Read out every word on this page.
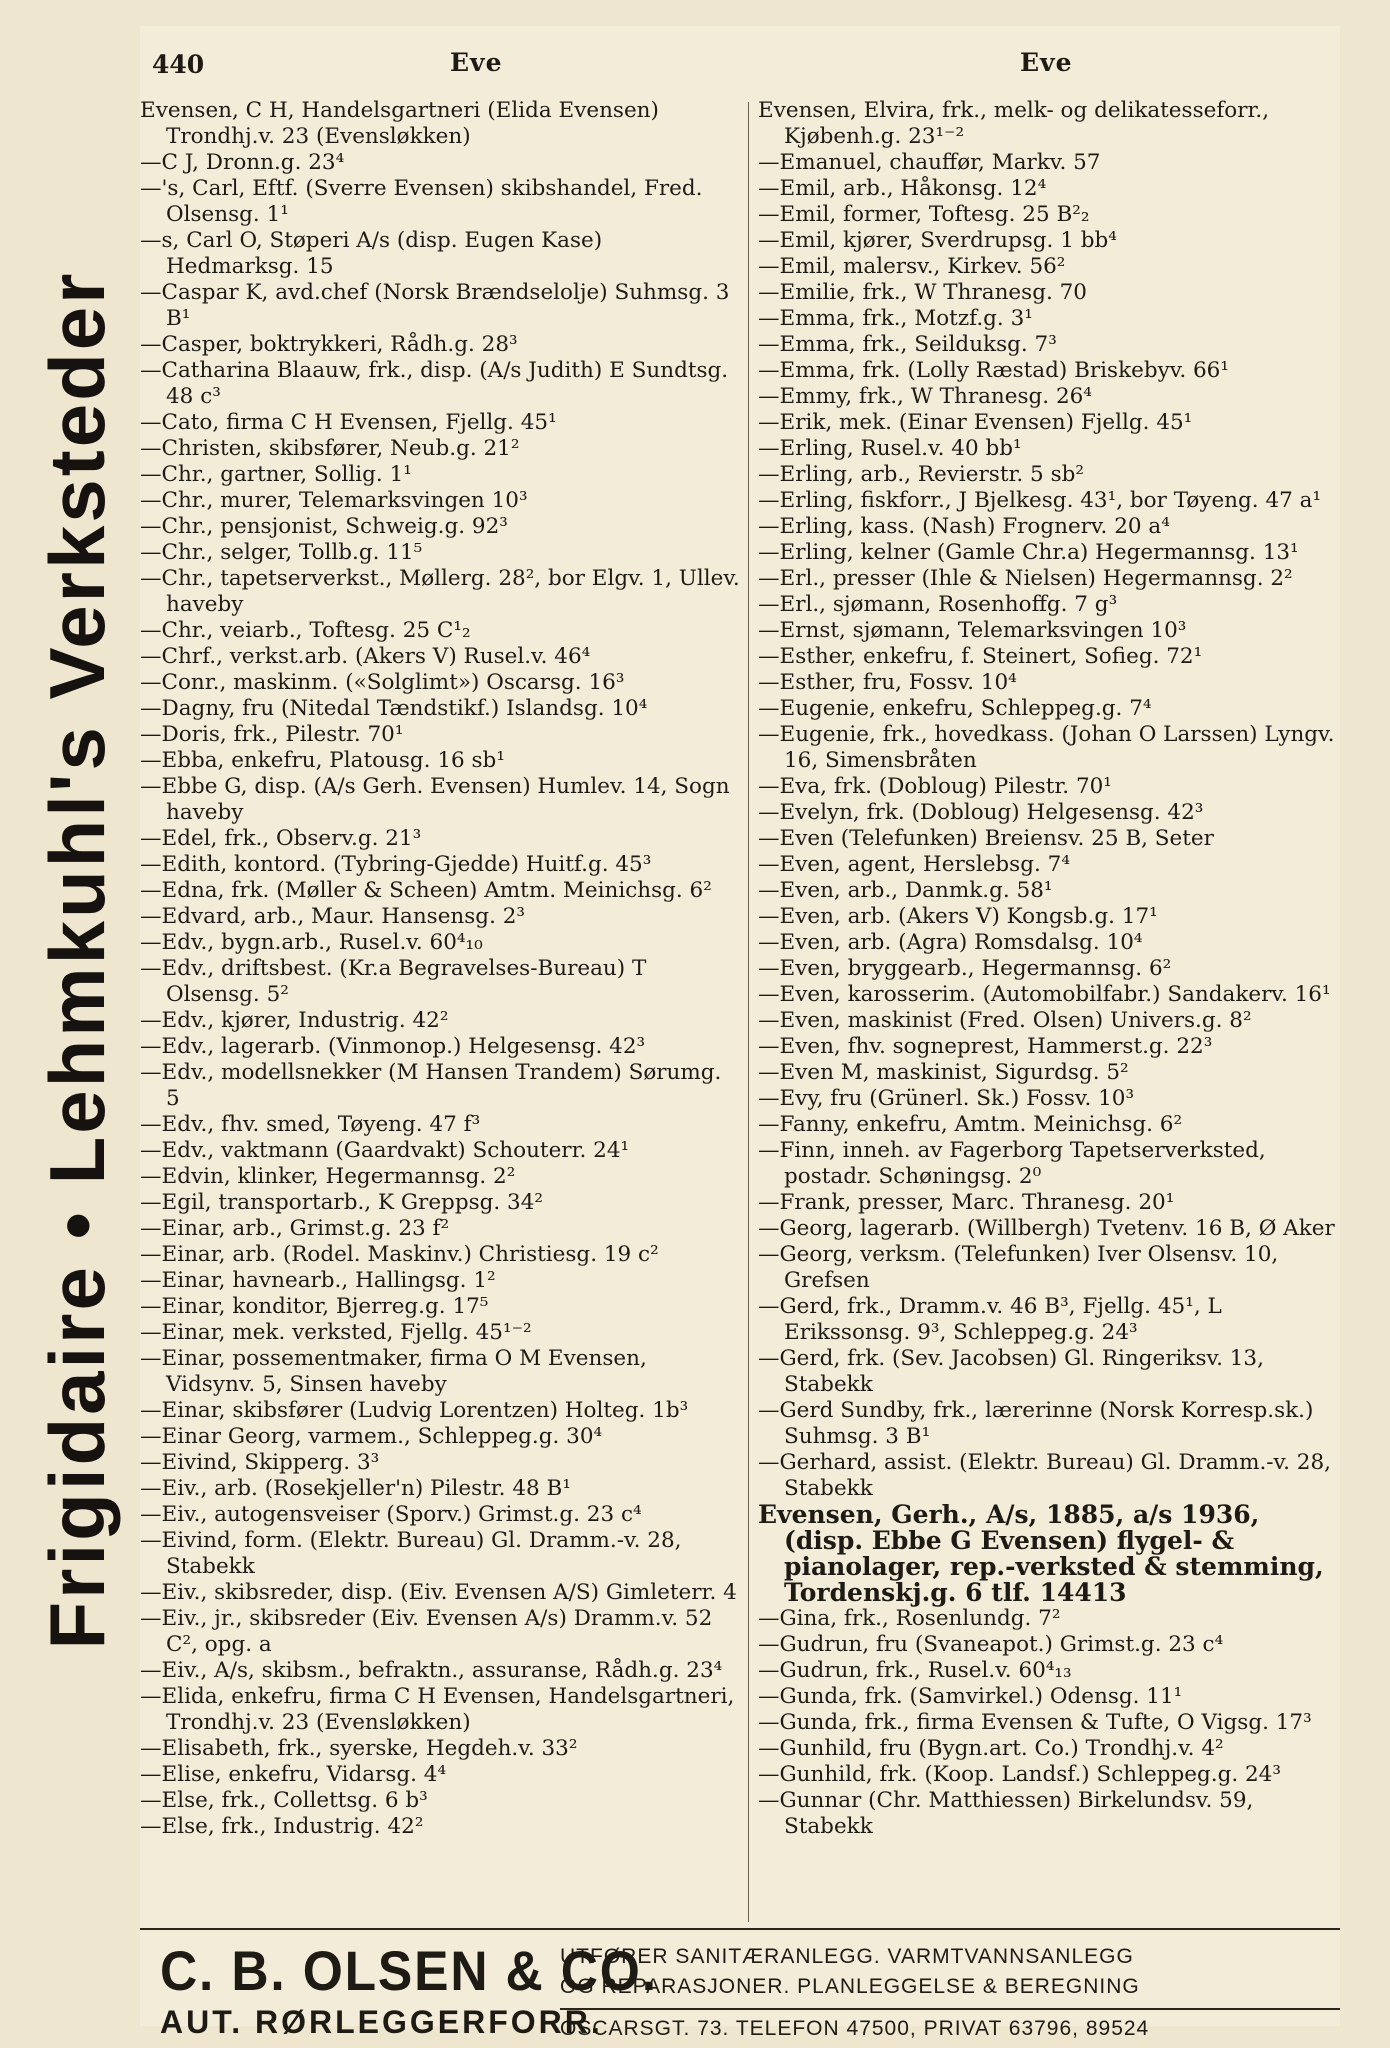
Frigidaire • Lehmkuhl's Verksteder
440	Eve	Eve
Evensen, C H, Handelsgartneri (Elida Evensen) Trondhj.v. 23 (Evensløkken)
—C J, Dronn.g. 23⁴
—'s, Carl, Eftf. (Sverre Evensen) skibshandel, Fred. Olsensg. 1¹
—s, Carl O, Støperi A/s (disp. Eugen Kase) Hedmarksg. 15
—Caspar K, avd.chef (Norsk Brændselolje) Suhmsg. 3 B¹
—Casper, boktrykkeri, Rådh.g. 28³
—Catharina Blaauw, frk., disp. (A/s Judith) E Sundtsg. 48 c³
—Cato, firma C H Evensen, Fjellg. 45¹
—Christen, skibsfører, Neub.g. 21²
—Chr., gartner, Sollig. 1¹
—Chr., murer, Telemarksvingen 10³
—Chr., pensjonist, Schweig.g. 92³
—Chr., selger, Tollb.g. 11⁵
—Chr., tapetserverkst., Møllerg. 28², bor Elgv. 1, Ullev. haveby
—Chr., veiarb., Toftesg. 25 C¹₂
—Chrf., verkst.arb. (Akers V) Rusel.v. 46⁴
—Conr., maskinm. («Solglimt») Oscarsg. 16³
—Dagny, fru (Nitedal Tændstikf.) Islandsg. 10⁴
—Doris, frk., Pilestr. 70¹
—Ebba, enkefru, Platousg. 16 sb¹
—Ebbe G, disp. (A/s Gerh. Evensen) Humlev. 14, Sogn haveby
—Edel, frk., Observ.g. 21³
—Edith, kontord. (Tybring-Gjedde) Huitf.g. 45³
—Edna, frk. (Møller & Scheen) Amtm. Meinichsg. 6²
—Edvard, arb., Maur. Hansensg. 2³
—Edv., bygn.arb., Rusel.v. 60⁴₁₀
—Edv., driftsbest. (Kr.a Begravelses-Bureau) T Olsensg. 5²
—Edv., kjører, Industrig. 42²
—Edv., lagerarb. (Vinmonop.) Helgesensg. 42³
—Edv., modellsnekker (M Hansen Trandem) Sørumg. 5
—Edv., fhv. smed, Tøyeng. 47 f³
—Edv., vaktmann (Gaardvakt) Schouterr. 24¹
—Edvin, klinker, Hegermannsg. 2²
—Egil, transportarb., K Greppsg. 34²
—Einar, arb., Grimst.g. 23 f²
—Einar, arb. (Rodel. Maskinv.) Christiesg. 19 c²
—Einar, havnearb., Hallingsg. 1²
—Einar, konditor, Bjerreg.g. 17⁵
—Einar, mek. verksted, Fjellg. 45¹⁻²
—Einar, possementmaker, firma O M Evensen, Vidsynv. 5, Sinsen haveby
—Einar, skibsfører (Ludvig Lorentzen) Holteg. 1b³
—Einar Georg, varmem., Schleppeg.g. 30⁴
—Eivind, Skipperg. 3³
—Eiv., arb. (Rosekjeller'n) Pilestr. 48 B¹
—Eiv., autogensveiser (Sporv.) Grimst.g. 23 c⁴
—Eivind, form. (Elektr. Bureau) Gl. Dramm.-v. 28, Stabekk
—Eiv., skibsreder, disp. (Eiv. Evensen A/S) Gimleterr. 4
—Eiv., jr., skibsreder (Eiv. Evensen A/s) Dramm.v. 52 C², opg. a
—Eiv., A/s, skibsm., befraktn., assuranse, Rådh.g. 23⁴
—Elida, enkefru, firma C H Evensen, Handelsgartneri, Trondhj.v. 23 (Evensløkken)
—Elisabeth, frk., syerske, Hegdeh.v. 33²
—Elise, enkefru, Vidarsg. 4⁴
—Else, frk., Collettsg. 6 b³
—Else, frk., Industrig. 42²
Evensen, Elvira, frk., melk- og delikatesseforr., Kjøbenh.g. 23¹⁻²
—Emanuel, chauffør, Markv. 57
—Emil, arb., Håkonsg. 12⁴
—Emil, former, Toftesg. 25 B²₂
—Emil, kjører, Sverdrupsg. 1 bb⁴
—Emil, malersv., Kirkev. 56²
—Emilie, frk., W Thranesg. 70
—Emma, frk., Motzf.g. 3¹
—Emma, frk., Seilduksg. 7³
—Emma, frk. (Lolly Ræstad) Briskebyv. 66¹
—Emmy, frk., W Thranesg. 26⁴
—Erik, mek. (Einar Evensen) Fjellg. 45¹
—Erling, Rusel.v. 40 bb¹
—Erling, arb., Revierstr. 5 sb²
—Erling, fiskforr., J Bjelkesg. 43¹, bor Tøyeng. 47 a¹
—Erling, kass. (Nash) Frognerv. 20 a⁴
—Erling, kelner (Gamle Chr.a) Hegermannsg. 13¹
—Erl., presser (Ihle & Nielsen) Hegermannsg. 2²
—Erl., sjømann, Rosenhoffg. 7 g³
—Ernst, sjømann, Telemarksvingen 10³
—Esther, enkefru, f. Steinert, Sofieg. 72¹
—Esther, fru, Fossv. 10⁴
—Eugenie, enkefru, Schleppeg.g. 7⁴
—Eugenie, frk., hovedkass. (Johan O Larssen) Lyngv. 16, Simensbråten
—Eva, frk. (Dobloug) Pilestr. 70¹
—Evelyn, frk. (Dobloug) Helgesensg. 42³
—Even (Telefunken) Breiensv. 25 B, Seter
—Even, agent, Herslebsg. 7⁴
—Even, arb., Danmk.g. 58¹
—Even, arb. (Akers V) Kongsb.g. 17¹
—Even, arb. (Agra) Romsdalsg. 10⁴
—Even, bryggearb., Hegermannsg. 6²
—Even, karosserim. (Automobilfabr.) Sandakerv. 16¹
—Even, maskinist (Fred. Olsen) Univers.g. 8²
—Even, fhv. sogneprest, Hammerst.g. 22³
—Even M, maskinist, Sigurdsg. 5²
—Evy, fru (Grünerl. Sk.) Fossv. 10³
—Fanny, enkefru, Amtm. Meinichsg. 6²
—Finn, inneh. av Fagerborg Tapetserverksted, postadr. Schøningsg. 2⁰
—Frank, presser, Marc. Thranesg. 20¹
—Georg, lagerarb. (Willbergh) Tvetenv. 16 B, Ø Aker
—Georg, verksm. (Telefunken) Iver Olsensv. 10, Grefsen
—Gerd, frk., Dramm.v. 46 B³, Fjellg. 45¹, L Erikssonsg. 9³, Schleppeg.g. 24³
—Gerd, frk. (Sev. Jacobsen) Gl. Ringeriksv. 13, Stabekk
—Gerd Sundby, frk., lærerinne (Norsk Korresp.sk.) Suhmsg. 3 B¹
—Gerhard, assist. (Elektr. Bureau) Gl. Dramm.-v. 28, Stabekk
Evensen, Gerh., A/s, 1885, a/s 1936, (disp. Ebbe G Evensen) flygel- & pianolager, rep.-verksted & stemming, Tordenskj.g. 6 tlf. 14413
—Gina, frk., Rosenlundg. 7²
—Gudrun, fru (Svaneapot.) Grimst.g. 23 c⁴
—Gudrun, frk., Rusel.v. 60⁴₁₃
—Gunda, frk. (Samvirkel.) Odensg. 11¹
—Gunda, frk., firma Evensen & Tufte, O Vigsg. 17³
—Gunhild, fru (Bygn.art. Co.) Trondhj.v. 4²
—Gunhild, frk. (Koop. Landsf.) Schleppeg.g. 24³
—Gunnar (Chr. Matthiessen) Birkelundsv. 59, Stabekk
C. B. OLSEN & CO.
AUT. RØRLEGGERFORR.
UTFØRER SANITÆRANLEGG. VARMTVANNSANLEGG
OG REPARASJONER. PLANLEGGELSE & BEREGNING
OSCARSGT. 73. TELEFON 47500, PRIVAT 63796, 89524
